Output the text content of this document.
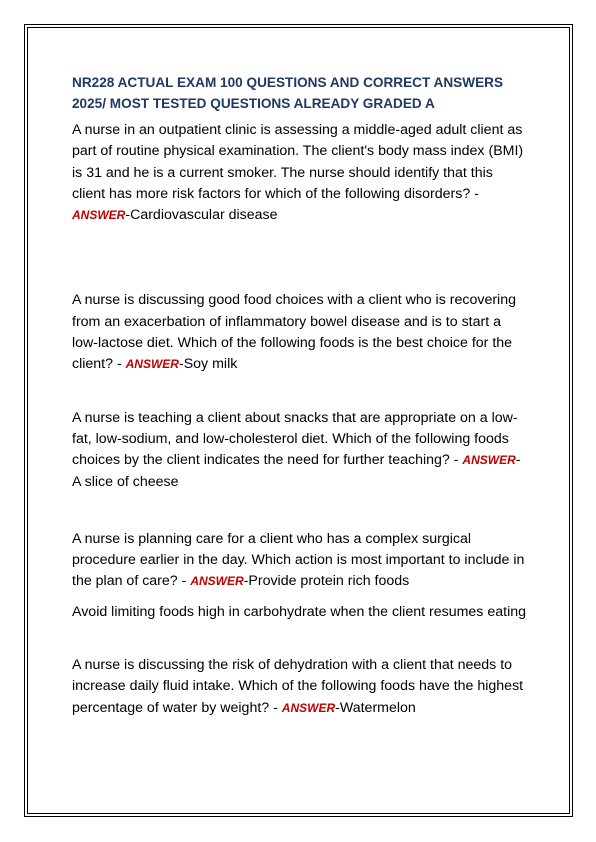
NR228 ACTUAL EXAM 100 QUESTIONS AND CORRECT ANSWERS
2025/ MOST TESTED QUESTIONS ALREADY GRADED A

A nurse in an outpatient clinic is assessing a middle-aged adult client as part of routine physical examination. The client's body mass index (BMI) is 31 and he is a current smoker. The nurse should identify that this client has more risk factors for which of the following disorders? - ANSWER-Cardiovascular disease

A nurse is discussing good food choices with a client who is recovering from an exacerbation of inflammatory bowel disease and is to start a low-lactose diet. Which of the following foods is the best choice for the client? - ANSWER-Soy milk

A nurse is teaching a client about snacks that are appropriate on a low-fat, low-sodium, and low-cholesterol diet. Which of the following foods choices by the client indicates the need for further teaching? - ANSWER-A slice of cheese

A nurse is planning care for a client who has a complex surgical procedure earlier in the day. Which action is most important to include in the plan of care? - ANSWER-Provide protein rich foods

Avoid limiting foods high in carbohydrate when the client resumes eating

A nurse is discussing the risk of dehydration with a client that needs to increase daily fluid intake. Which of the following foods have the highest percentage of water by weight? - ANSWER-Watermelon
